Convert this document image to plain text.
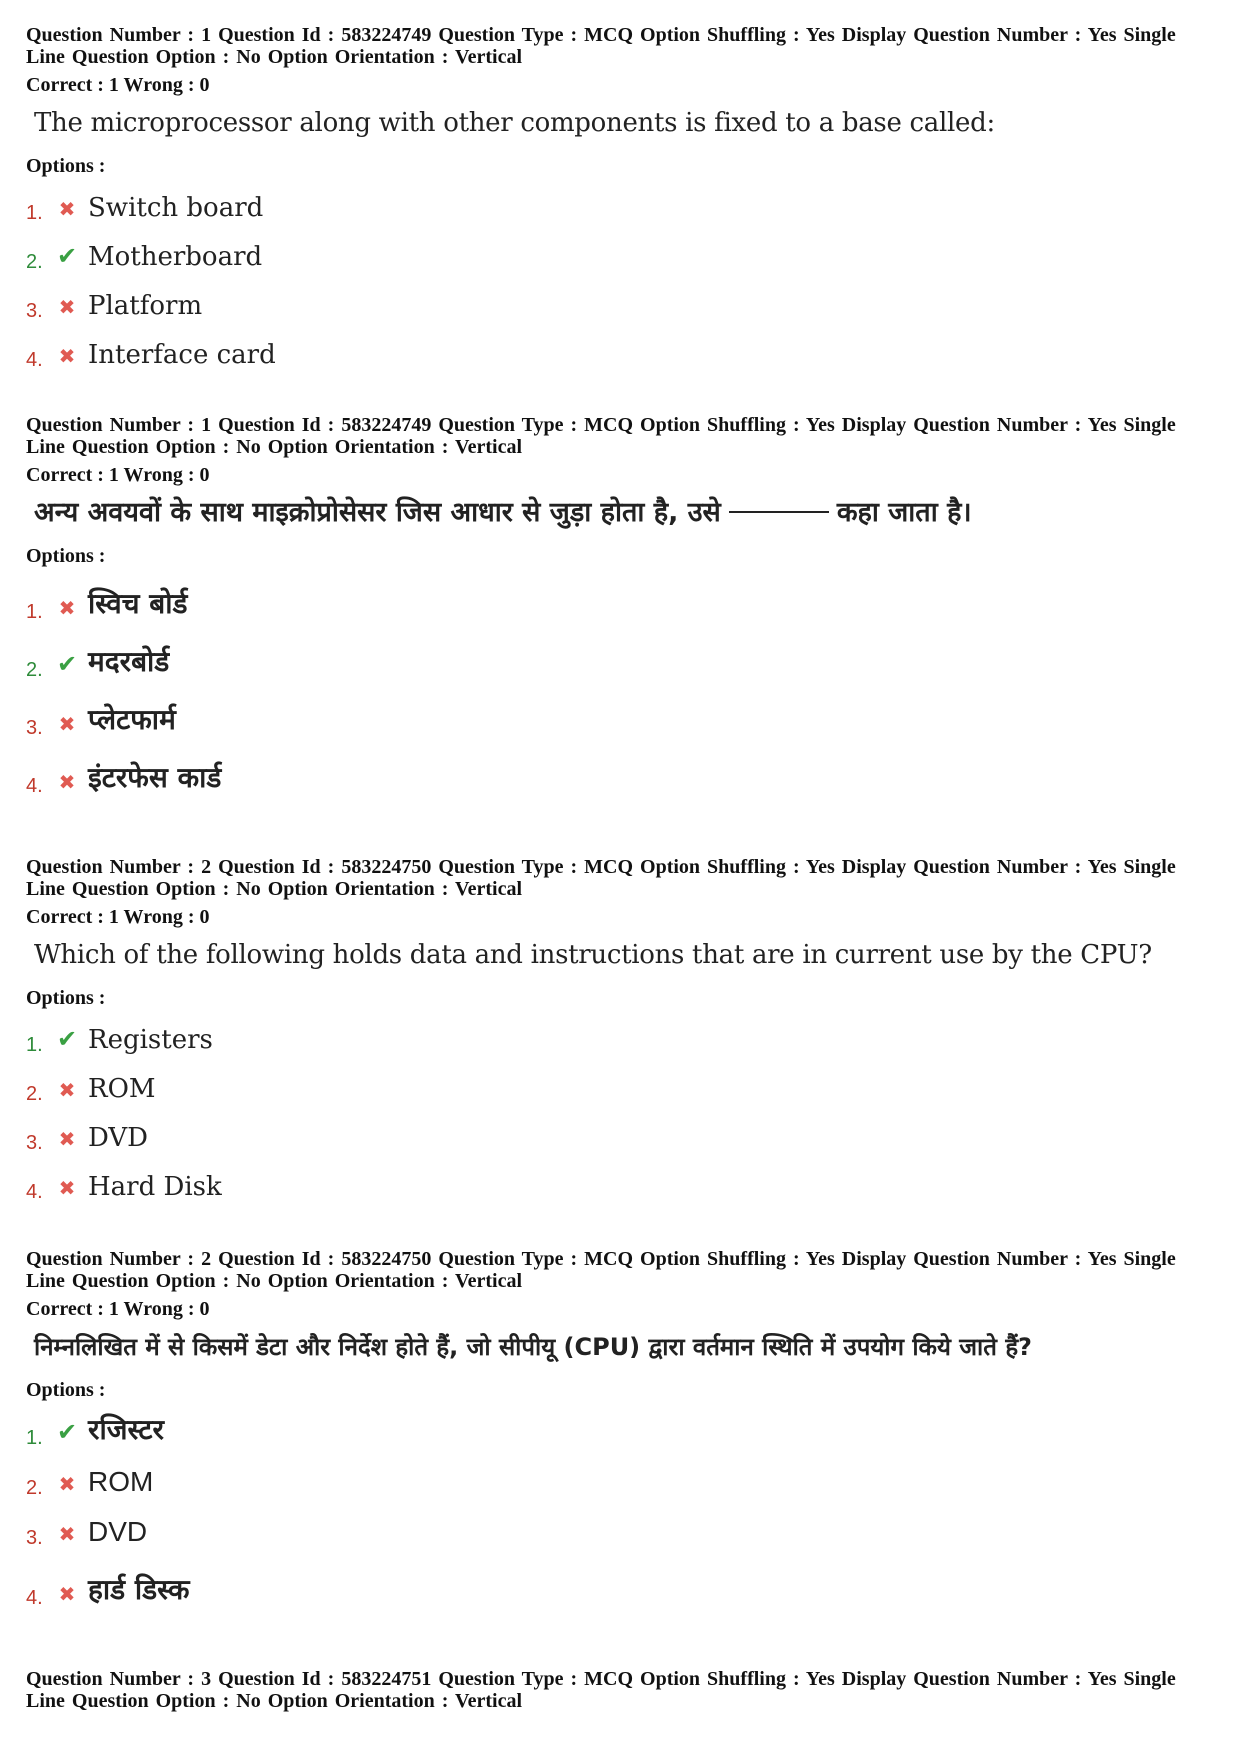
Question Number : 1 Question Id : 583224749 Question Type : MCQ Option Shuffling : Yes Display Question Number : Yes Single
Line Question Option : No Option Orientation : Vertical
Correct : 1 Wrong : 0
The microprocessor along with other components is fixed to a base called:
Options :
1. ✖ Switch board
2. ✔ Motherboard
3. ✖ Platform
4. ✖ Interface card
Question Number : 1 Question Id : 583224749 Question Type : MCQ Option Shuffling : Yes Display Question Number : Yes Single
Line Question Option : No Option Orientation : Vertical
Correct : 1 Wrong : 0
अन्य अवयवों के साथ माइक्रोप्रोसेसर जिस आधार से जुड़ा होता है, उसे	कहा जाता है।
Options :
1. ✖ स्विच बोर्ड
2. ✔ मदरबोर्ड
3. ✖ प्लेटफार्म
4. ✖ इंटरफेस कार्ड
Question Number : 2 Question Id : 583224750 Question Type : MCQ Option Shuffling : Yes Display Question Number : Yes Single
Line Question Option : No Option Orientation : Vertical
Correct : 1 Wrong : 0
Which of the following holds data and instructions that are in current use by the CPU?
Options :
1. ✔ Registers
2. ✖ ROM
3. ✖ DVD
4. ✖ Hard Disk
Question Number : 2 Question Id : 583224750 Question Type : MCQ Option Shuffling : Yes Display Question Number : Yes Single
Line Question Option : No Option Orientation : Vertical
Correct : 1 Wrong : 0
निम्नलिखित में से किसमें डेटा और निर्देश होते हैं, जो सीपीयू (CPU) द्वारा वर्तमान स्थिति में उपयोग किये जाते हैं?
Options :
1. ✔ रजिस्टर
2. ✖ ROM
3. ✖ DVD
4. ✖ हार्ड डिस्क
Question Number : 3 Question Id : 583224751 Question Type : MCQ Option Shuffling : Yes Display Question Number : Yes Single
Line Question Option : No Option Orientation : Vertical
